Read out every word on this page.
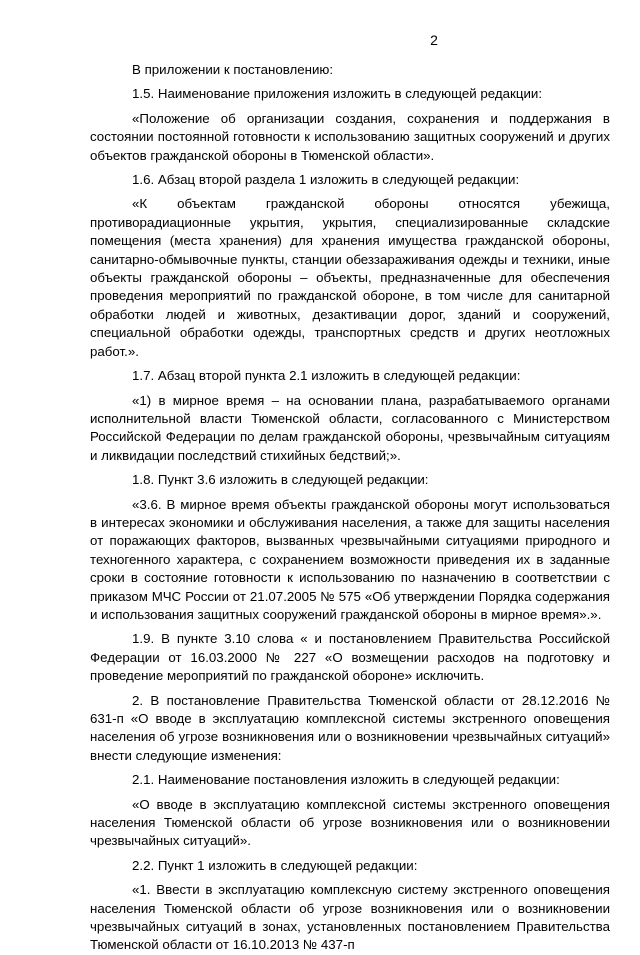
2

В приложении к постановлению:

1.5. Наименование приложения изложить в следующей редакции:

«Положение об организации создания, сохранения и поддержания в состоянии постоянной готовности к использованию защитных сооружений и других объектов гражданской обороны в Тюменской области».

1.6. Абзац второй раздела 1 изложить в следующей редакции:

«К объектам гражданской обороны относятся убежища, противорадиационные укрытия, укрытия, специализированные складские помещения (места хранения) для хранения имущества гражданской обороны, санитарно-обмывочные пункты, станции обеззараживания одежды и техники, иные объекты гражданской обороны – объекты, предназначенные для обеспечения проведения мероприятий по гражданской обороне, в том числе для санитарной обработки людей и животных, дезактивации дорог, зданий и сооружений, специальной обработки одежды, транспортных средств и других неотложных работ.».

1.7. Абзац второй пункта 2.1 изложить в следующей редакции:

«1) в мирное время – на основании плана, разрабатываемого органами исполнительной власти Тюменской области, согласованного с Министерством Российской Федерации по делам гражданской обороны, чрезвычайным ситуациям и ликвидации последствий стихийных бедствий;».

1.8. Пункт 3.6 изложить в следующей редакции:

«3.6. В мирное время объекты гражданской обороны могут использоваться в интересах экономики и обслуживания населения, а также для защиты населения от поражающих факторов, вызванных чрезвычайными ситуациями природного и техногенного характера, с сохранением возможности приведения их в заданные сроки в состояние готовности к использованию по назначению в соответствии с приказом МЧС России от 21.07.2005 № 575 «Об утверждении Порядка содержания и использования защитных сооружений гражданской обороны в мирное время».».

1.9. В пункте 3.10 слова « и постановлением Правительства Российской Федерации от 16.03.2000 № 227 «О возмещении расходов на подготовку и проведение мероприятий по гражданской обороне» исключить.

2. В постановление Правительства Тюменской области от 28.12.2016 № 631-п «О вводе в эксплуатацию комплексной системы экстренного оповещения населения об угрозе возникновения или о возникновении чрезвычайных ситуаций» внести следующие изменения:

2.1. Наименование постановления изложить в следующей редакции:

«О вводе в эксплуатацию комплексной системы экстренного оповещения населения Тюменской области об угрозе возникновения или о возникновении чрезвычайных ситуаций».

2.2. Пункт 1 изложить в следующей редакции:

«1. Ввести в эксплуатацию комплексную систему экстренного оповещения населения Тюменской области об угрозе возникновения или о возникновении чрезвычайных ситуаций в зонах, установленных постановлением Правительства Тюменской области от 16.10.2013 № 437-п
